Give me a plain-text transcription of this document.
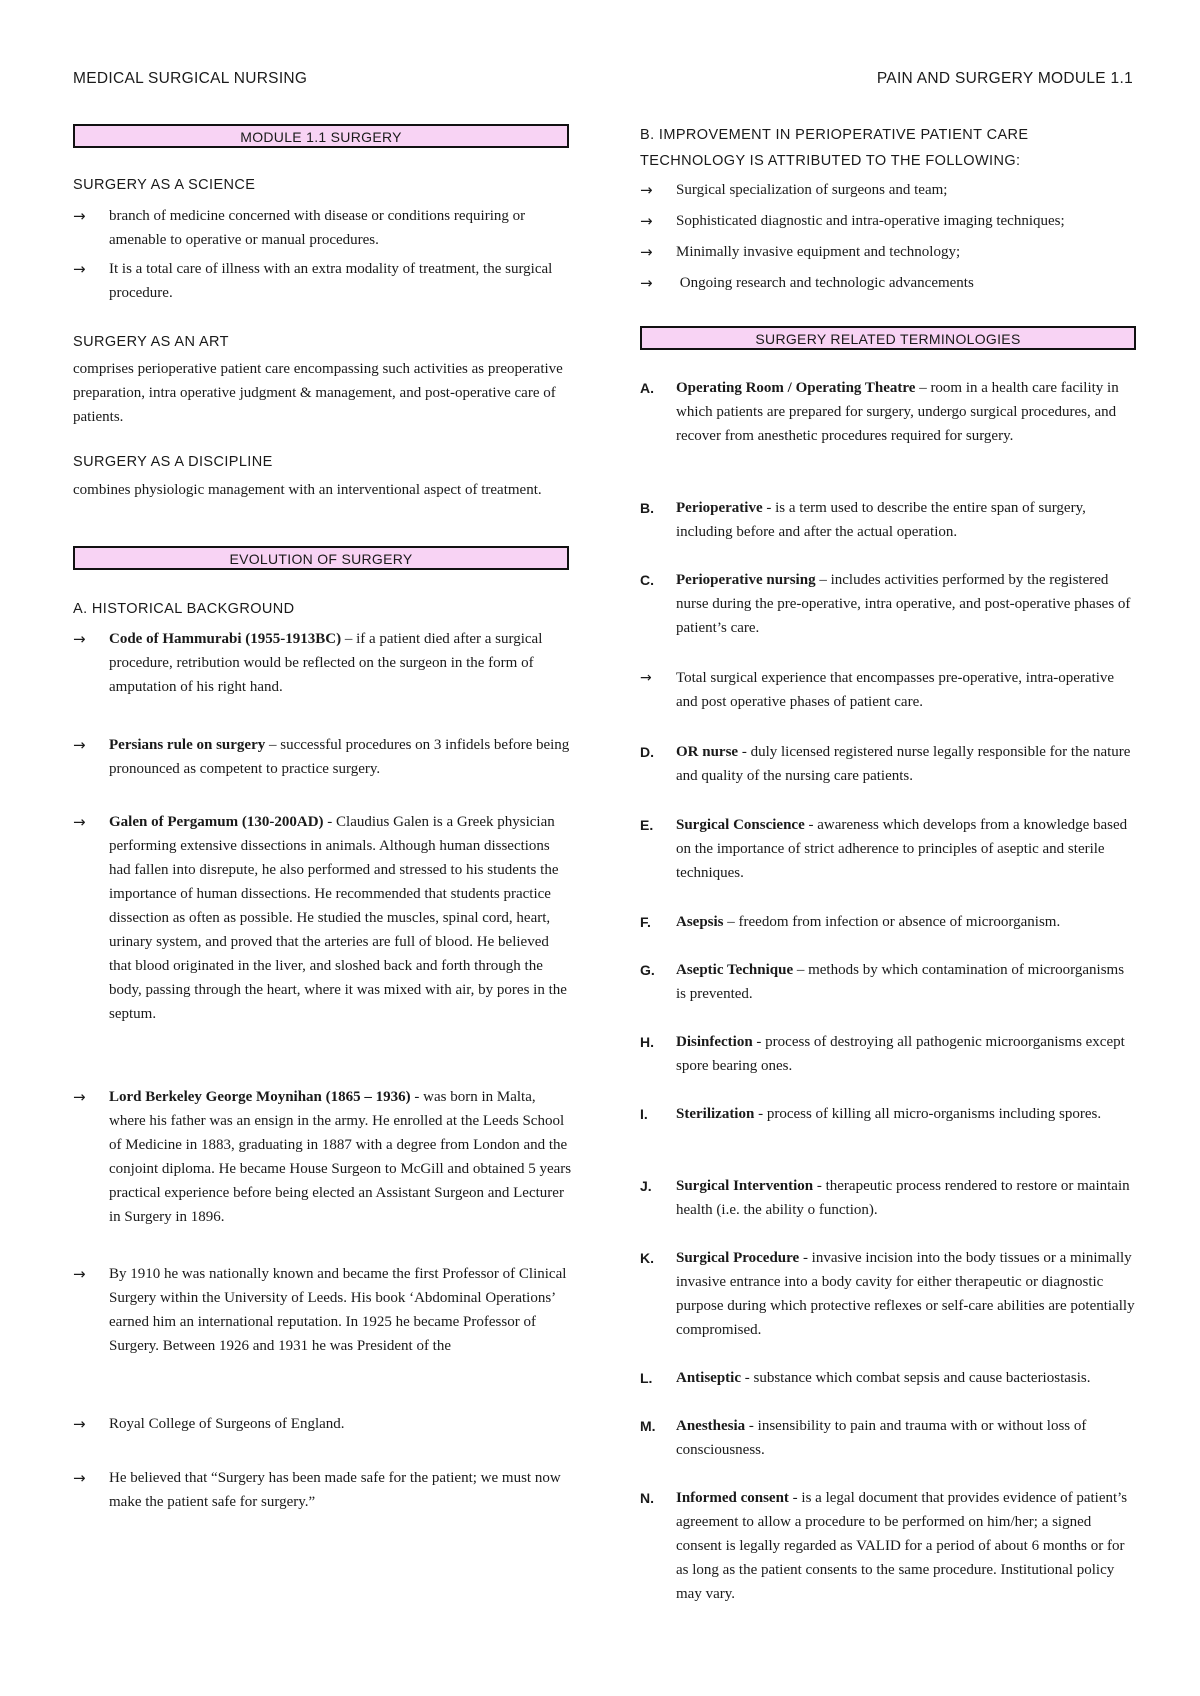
MEDICAL SURGICAL NURSING	PAIN AND SURGERY MODULE 1.1
MODULE 1.1 SURGERY
SURGERY AS A SCIENCE
→ branch of medicine concerned with disease or conditions requiring or amenable to operative or manual procedures.
→ It is a total care of illness with an extra modality of treatment, the surgical procedure.
SURGERY AS AN ART
comprises perioperative patient care encompassing such activities as preoperative preparation, intra operative judgment & management, and post-operative care of patients.
SURGERY AS A DISCIPLINE
combines physiologic management with an interventional aspect of treatment.
EVOLUTION OF SURGERY
A. HISTORICAL BACKGROUND
→ Code of Hammurabi (1955-1913BC) – if a patient died after a surgical procedure, retribution would be reflected on the surgeon in the form of amputation of his right hand.
→ Persians rule on surgery – successful procedures on 3 infidels before being pronounced as competent to practice surgery.
→ Galen of Pergamum (130-200AD) - Claudius Galen is a Greek physician performing extensive dissections in animals. Although human dissections had fallen into disrepute, he also performed and stressed to his students the importance of human dissections. He recommended that students practice dissection as often as possible. He studied the muscles, spinal cord, heart, urinary system, and proved that the arteries are full of blood. He believed that blood originated in the liver, and sloshed back and forth through the body, passing through the heart, where it was mixed with air, by pores in the septum.
→ Lord Berkeley George Moynihan (1865 – 1936) - was born in Malta, where his father was an ensign in the army. He enrolled at the Leeds School of Medicine in 1883, graduating in 1887 with a degree from London and the conjoint diploma. He became House Surgeon to McGill and obtained 5 years practical experience before being elected an Assistant Surgeon and Lecturer in Surgery in 1896.
→ By 1910 he was nationally known and became the first Professor of Clinical Surgery within the University of Leeds. His book ‘Abdominal Operations’ earned him an international reputation. In 1925 he became Professor of Surgery. Between 1926 and 1931 he was President of the
→ Royal College of Surgeons of England.
→ He believed that “Surgery has been made safe for the patient; we must now make the patient safe for surgery.”
B. IMPROVEMENT IN PERIOPERATIVE PATIENT CARE TECHNOLOGY IS ATTRIBUTED TO THE FOLLOWING:
→ Surgical specialization of surgeons and team;
→ Sophisticated diagnostic and intra-operative imaging techniques;
→ Minimally invasive equipment and technology;
→ Ongoing research and technologic advancements
SURGERY RELATED TERMINOLOGIES
A. Operating Room / Operating Theatre – room in a health care facility in which patients are prepared for surgery, undergo surgical procedures, and recover from anesthetic procedures required for surgery.
B. Perioperative - is a term used to describe the entire span of surgery, including before and after the actual operation.
C. Perioperative nursing – includes activities performed by the registered nurse during the pre-operative, intra operative, and post-operative phases of patient’s care.
→ Total surgical experience that encompasses pre-operative, intra-operative and post operative phases of patient care.
D. OR nurse - duly licensed registered nurse legally responsible for the nature and quality of the nursing care patients.
E. Surgical Conscience - awareness which develops from a knowledge based on the importance of strict adherence to principles of aseptic and sterile techniques.
F. Asepsis – freedom from infection or absence of microorganism.
G. Aseptic Technique – methods by which contamination of microorganisms is prevented.
H. Disinfection - process of destroying all pathogenic microorganisms except spore bearing ones.
I. Sterilization - process of killing all micro-organisms including spores.
J. Surgical Intervention - therapeutic process rendered to restore or maintain health (i.e. the ability o function).
K. Surgical Procedure - invasive incision into the body tissues or a minimally invasive entrance into a body cavity for either therapeutic or diagnostic purpose during which protective reflexes or self-care abilities are potentially compromised.
L. Antiseptic - substance which combat sepsis and cause bacteriostasis.
M. Anesthesia - insensibility to pain and trauma with or without loss of consciousness.
N. Informed consent - is a legal document that provides evidence of patient’s agreement to allow a procedure to be performed on him/her; a signed consent is legally regarded as VALID for a period of about 6 months or for as long as the patient consents to the same procedure. Institutional policy may vary.
